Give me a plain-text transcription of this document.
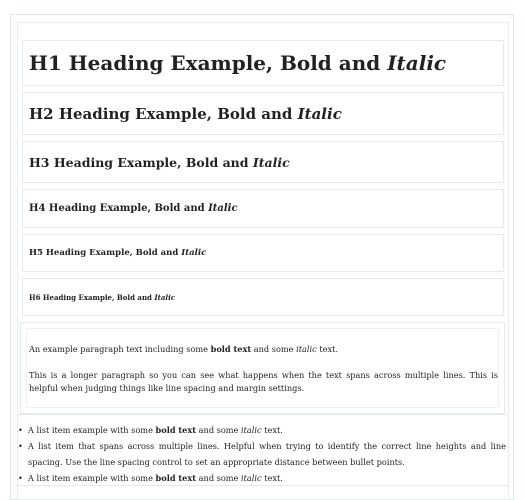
H1 Heading Example, Bold and Italic
H2 Heading Example, Bold and Italic
H3 Heading Example, Bold and Italic
H4 Heading Example, Bold and Italic
H5 Heading Example, Bold and Italic
H6 Heading Example, Bold and Italic
An example paragraph text including some bold text and some italic text.
This is a longer paragraph so you can see what happens when the text spans across multiple lines. This is helpful when judging things like line spacing and margin settings.
• A list item example with some bold text and some italic text.
• A list item that spans across multiple lines. Helpful when trying to identify the correct line heights and line spacing. Use the line spacing control to set an appropriate distance between bullet points.
• A list item example with some bold text and some italic text.
